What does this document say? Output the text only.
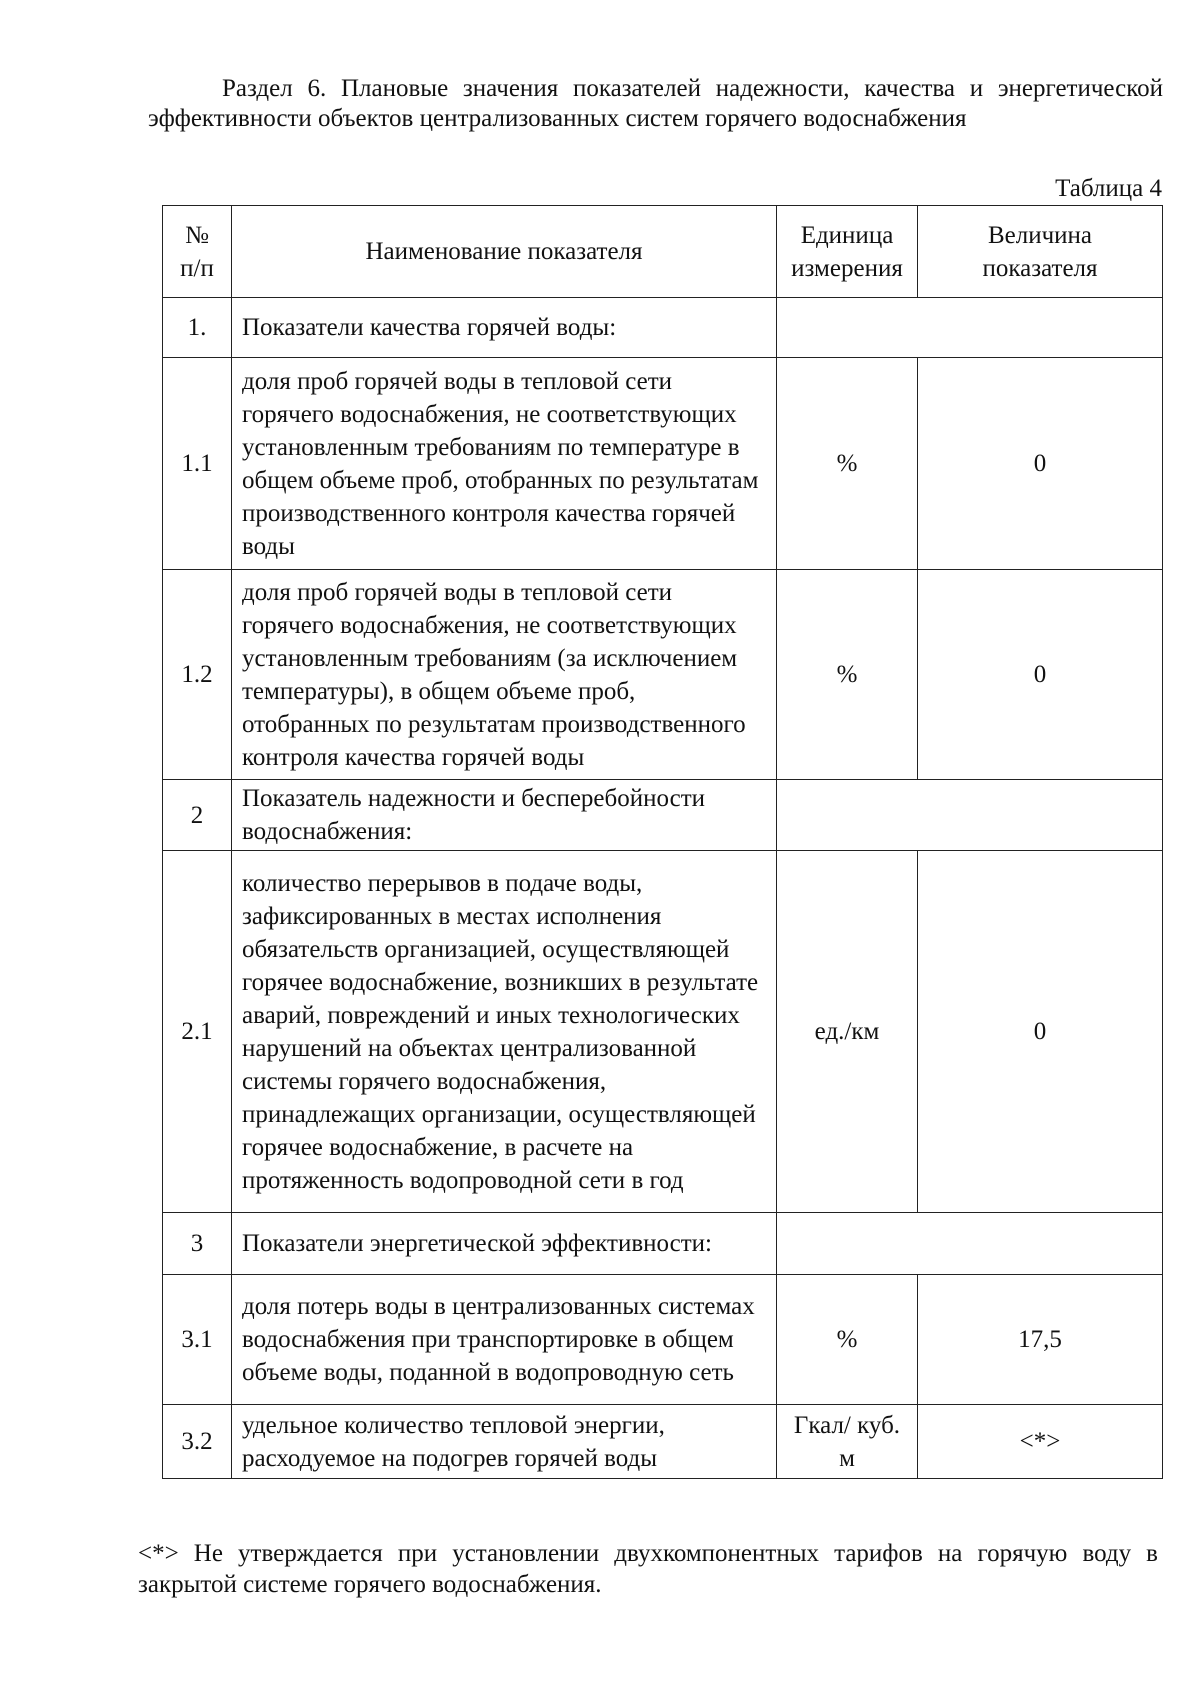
Раздел 6. Плановые значения показателей надежности, качества и энергетической эффективности объектов централизованных систем горячего водоснабжения
Таблица 4
№ п/п	Наименование показателя	Единица измерения	Величина показателя
1.	Показатели качества горячей воды:		
1.1	доля проб горячей воды в тепловой сети горячего водоснабжения, не соответствующих установленным требованиям по температуре в общем объеме проб, отобранных по результатам производственного контроля качества горячей воды	%	0
1.2	доля проб горячей воды в тепловой сети горячего водоснабжения, не соответствующих установленным требованиям (за исключением температуры), в общем объеме проб, отобранных по результатам производственного контроля качества горячей воды	%	0
2	Показатель надежности и бесперебойности водоснабжения:		
2.1	количество перерывов в подаче воды, зафиксированных в местах исполнения обязательств организацией, осуществляющей горячее водоснабжение, возникших в результате аварий, повреждений и иных технологических нарушений на объектах централизованной системы горячего водоснабжения, принадлежащих организации, осуществляющей горячее водоснабжение, в расчете на протяженность водопроводной сети в год	ед./км	0
3	Показатели энергетической эффективности:		
3.1	доля потерь воды в централизованных системах водоснабжения при транспортировке в общем объеме воды, поданной в водопроводную сеть	%	17,5
3.2	удельное количество тепловой энергии, расходуемое на подогрев горячей воды	Гкал/ куб. м	<*>
<*> Не утверждается при установлении двухкомпонентных тарифов на горячую воду в закрытой системе горячего водоснабжения.
